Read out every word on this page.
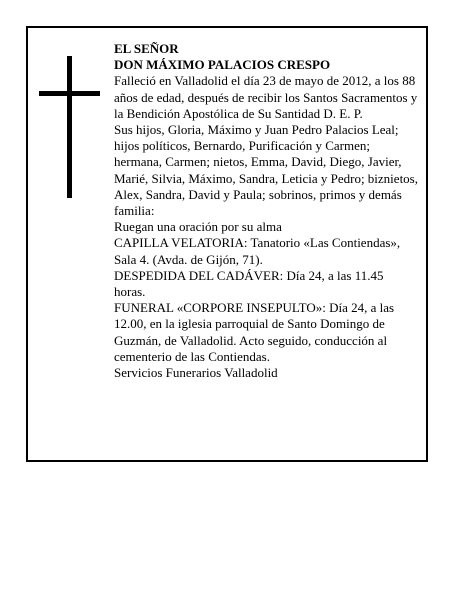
EL SEÑOR

DON MÁXIMO PALACIOS CRESPO

Falleció en Valladolid el día 23 de mayo de 2012, a los 88 años de edad, después de recibir los Santos Sacramentos y la Bendición Apostólica de Su Santidad D. E. P.

Sus hijos, Gloria, Máximo y Juan Pedro Palacios Leal; hijos políticos, Bernardo, Purificación y Carmen; hermana, Carmen; nietos, Emma, David, Diego, Javier, Marié, Silvia, Máximo, Sandra, Leticia y Pedro; biznietos, Alex, Sandra, David y Paula; sobrinos, primos y demás familia:

Ruegan una oración por su alma

CAPILLA VELATORIA: Tanatorio «Las Contiendas», Sala 4. (Avda. de Gijón, 71).

DESPEDIDA DEL CADÁVER: Día 24, a las 11.45 horas.

FUNERAL «CORPORE INSEPULTO»: Día 24, a las 12.00, en la iglesia parroquial de Santo Domingo de Guzmán, de Valladolid. Acto seguido, conducción al cementerio de las Contiendas.

Servicios Funerarios Valladolid
